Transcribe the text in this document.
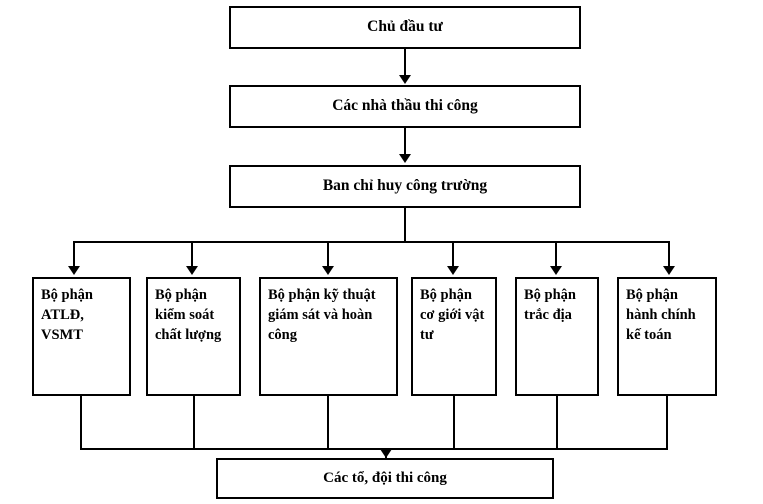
Chủ đầu tư
Các nhà thầu thi công
Ban chỉ huy công trường
Bộ phận ATLĐ, VSMT
Bộ phận kiểm soát chất lượng
Bộ phận kỹ thuật giám sát và hoàn công
Bộ phận cơ giới vật tư
Bộ phận trắc địa
Bộ phận hành chính kế toán
Các tổ, đội thi công
